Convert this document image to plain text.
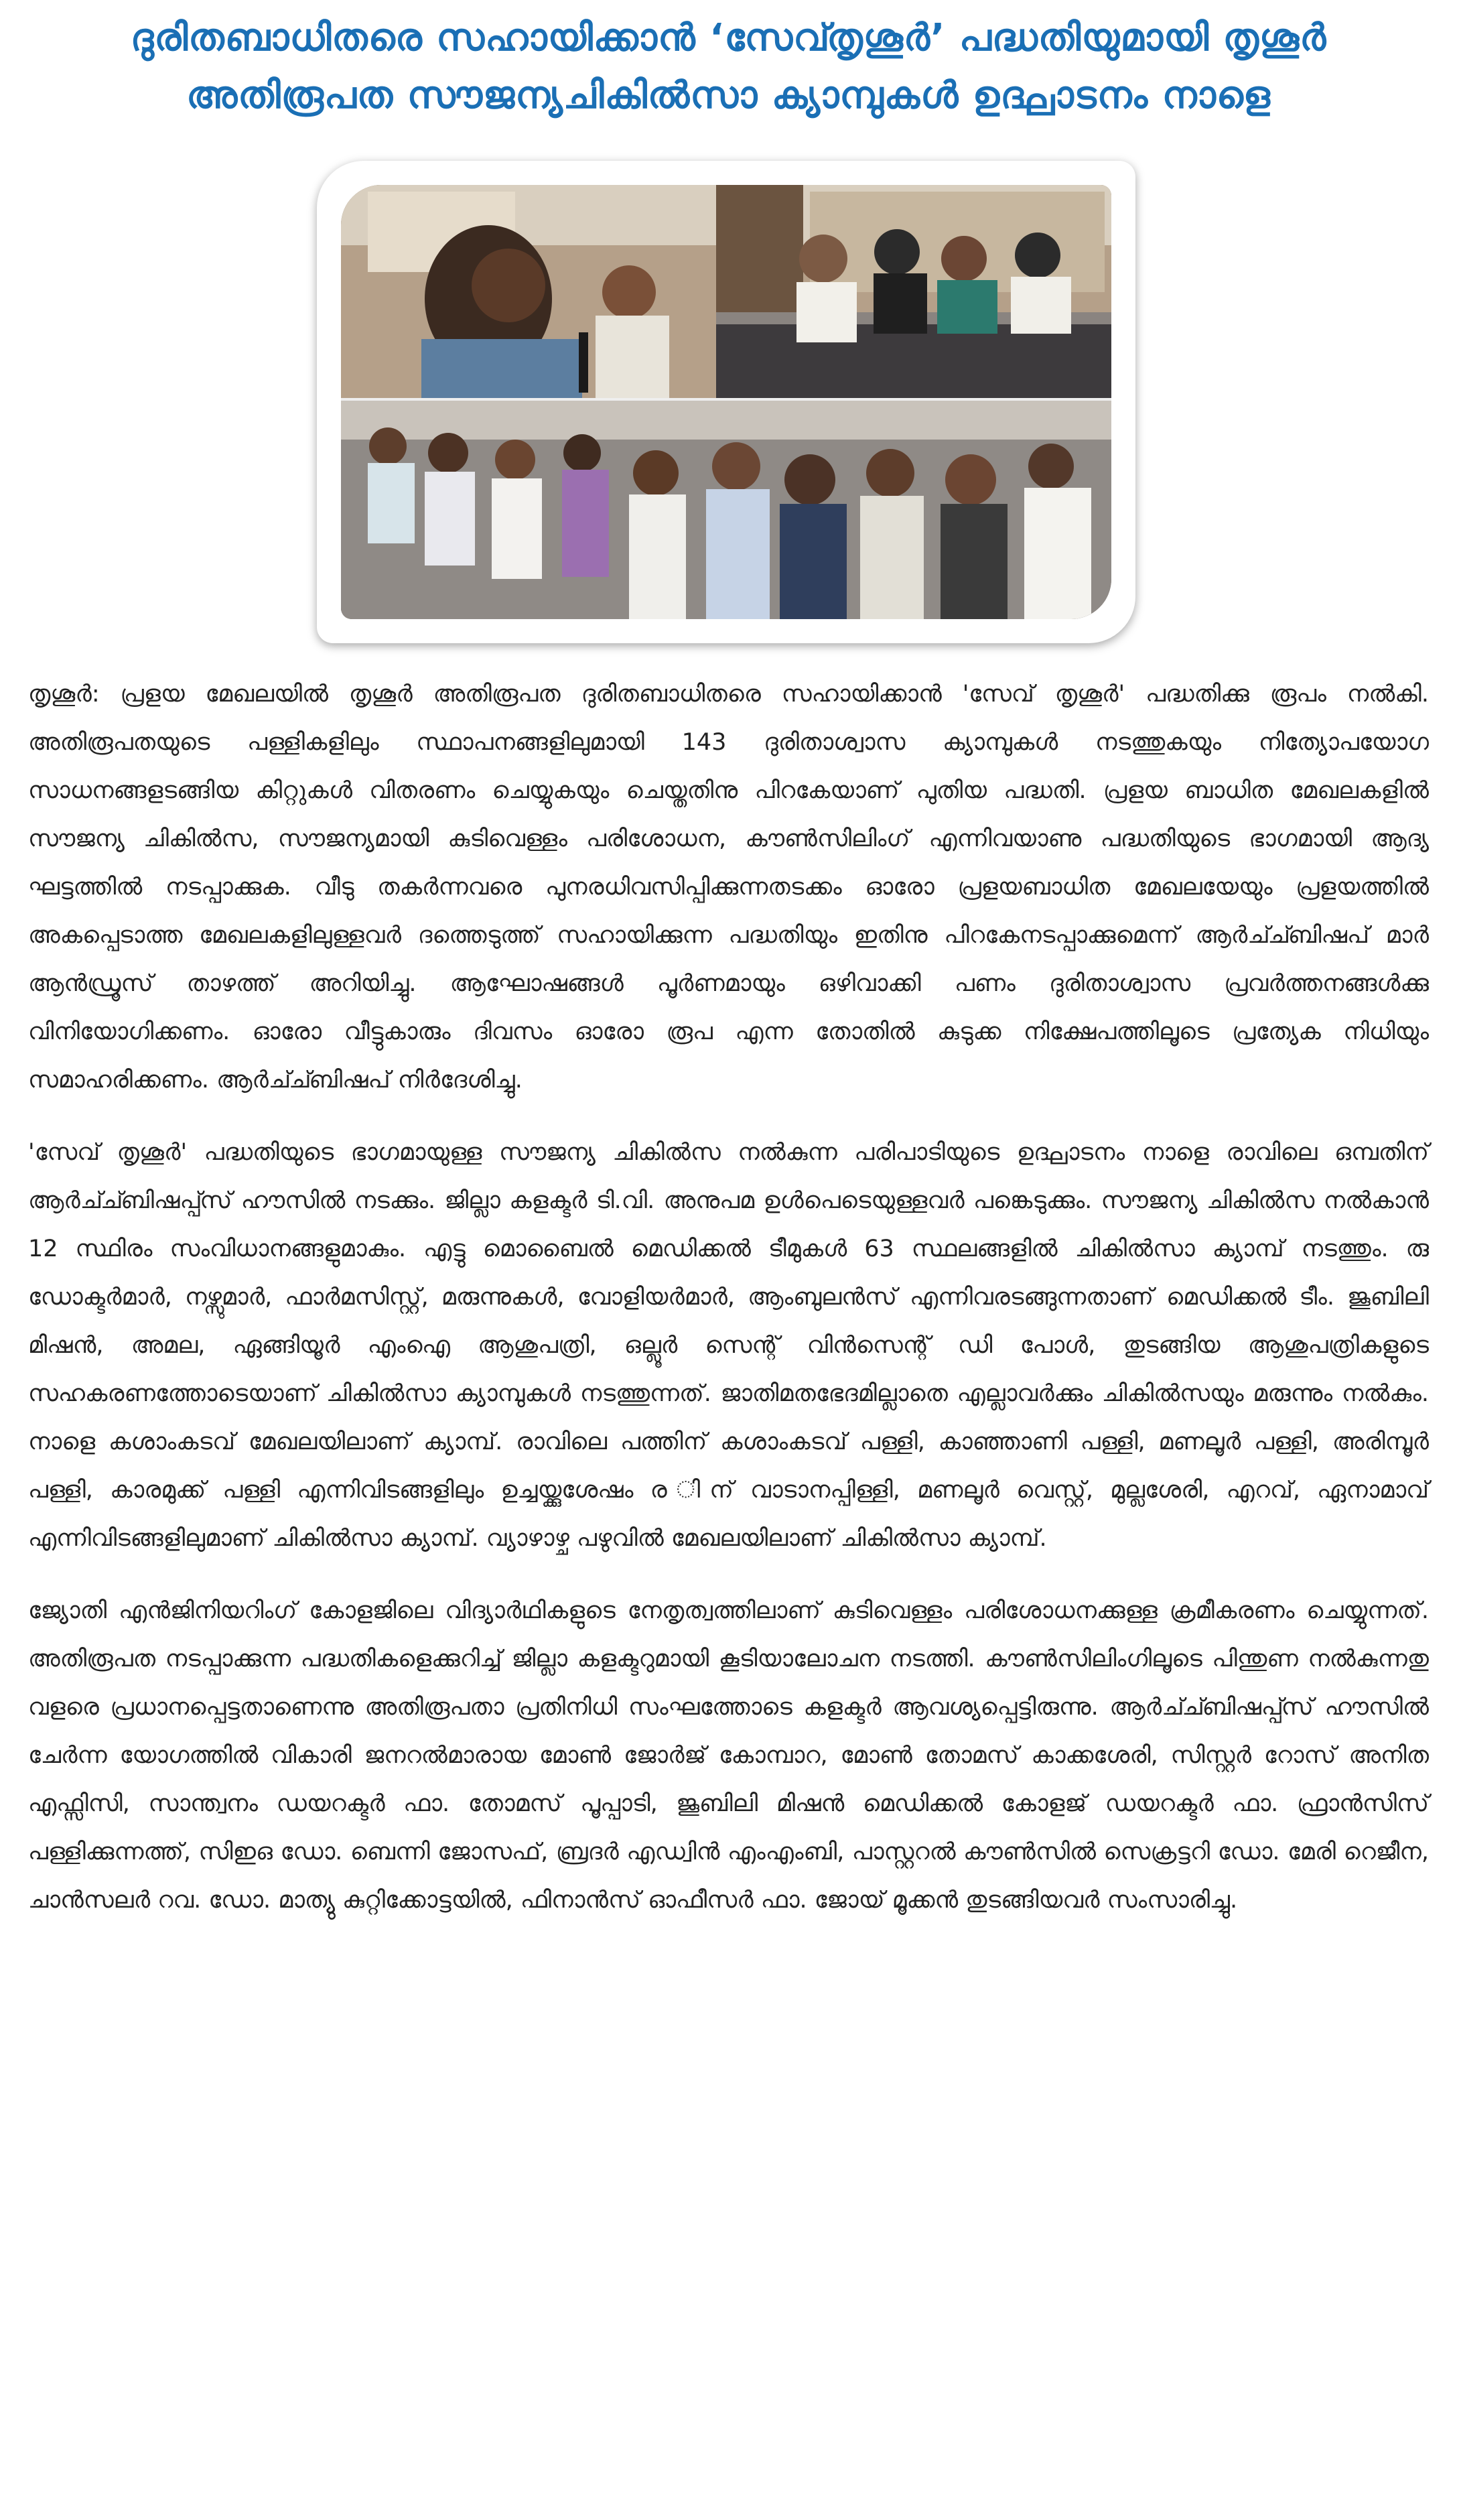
ദുരിതബാധിതരെ സഹായിക്കാന്‍ ‘സേവ്തൃശൂര്‍’ പദ്ധതിയുമായി തൃശൂര്‍
അതിരൂപത സൗജന്യചികില്‍സാ ക്യാമ്പുകള്‍ ഉദ്ഘാടനം നാളെ

തൃശൂര്‍: പ്രളയ മേഖലയില്‍ തൃശൂര്‍ അതിരൂപത ദുരിതബാധിതരെ സഹായിക്കാന്‍ 'സേവ് തൃശൂര്‍' പദ്ധതിക്കു രൂപം നല്‍കി. അതിരൂപതയുടെ പള്ളികളിലും സ്ഥാപനങ്ങളിലുമായി 143 ദുരിതാശ്വാസ ക്യാമ്പുകള്‍ നടത്തുകയും നിത്യോപയോഗ സാധനങ്ങളടങ്ങിയ കിറ്റുകള്‍ വിതരണം ചെയ്യുകയും ചെയ്തതിനു പിറകേയാണ് പുതിയ പദ്ധതി. പ്രളയ ബാധിത മേഖലകളില്‍ സൗജന്യ ചികില്‍സ, സൗജന്യമായി കുടിവെള്ളം പരിശോധന, കൗണ്‍സിലിംഗ് എന്നിവയാണു പദ്ധതിയുടെ ഭാഗമായി ആദ്യ ഘട്ടത്തില്‍ നടപ്പാക്കുക. വീടു തകര്‍ന്നവരെ പുനരധിവസിപ്പിക്കുന്നതടക്കം ഓരോ പ്രളയബാധിത മേഖലയേയും പ്രളയത്തില്‍ അകപ്പെടാത്ത മേഖലകളിലുള്ളവര്‍ ദത്തെടുത്ത് സഹായിക്കുന്ന പദ്ധതിയും ഇതിനു പിറകേനടപ്പാക്കുമെന്ന് ആര്‍ച്ച്ബിഷപ് മാര്‍ ആന്‍ഡ്രൂസ് താഴത്ത് അറിയിച്ചു. ആഘോഷങ്ങള്‍ പൂര്‍ണമായും ഒഴിവാക്കി പണം ദുരിതാശ്വാസ പ്രവര്‍ത്തനങ്ങള്‍ക്കു വിനിയോഗിക്കണം. ഓരോ വീട്ടുകാരും ദിവസം ഓരോ രൂപ എന്ന തോതില്‍ കുടുക്ക നിക്ഷേപത്തിലൂടെ പ്രത്യേക നിധിയും സമാഹരിക്കണം. ആര്‍ച്ച്ബിഷപ് നിര്‍ദേശിച്ചു.

'സേവ് തൃശൂര്‍' പദ്ധതിയുടെ ഭാഗമായുള്ള സൗജന്യ ചികില്‍സ നല്‍കുന്ന പരിപാടിയുടെ ഉദ്ഘാടനം നാളെ രാവിലെ ഒമ്പതിന് ആര്‍ച്ച്ബിഷപ്പ്സ് ഹൗസില്‍ നടക്കും. ജില്ലാ കളക്ടര്‍ ടി.വി. അനുപമ ഉള്‍പെടെയുള്ളവര്‍ പങ്കെടുക്കും. സൗജന്യ ചികില്‍സ നല്‍കാന്‍ 12 സ്ഥിരം സംവിധാനങ്ങളുമാകും. എട്ടു മൊബൈല്‍ മെഡിക്കല്‍ ടീമുകള്‍ 63 സ്ഥലങ്ങളില്‍ ചികില്‍സാ ക്യാമ്പ് നടത്തും. രു ഡോക്ടര്‍മാര്‍, നഴ്സുമാര്‍, ഫാര്‍മസിസ്റ്റ്, മരുന്നുകള്‍, വോളിയര്‍മാര്‍, ആംബുലന്‍സ് എന്നിവരടങ്ങുന്നതാണ് മെഡിക്കല്‍ ടീം. ജൂബിലി മിഷന്‍, അമല, ഏങ്ങിയൂര്‍ എംഐ ആശുപത്രി, ഒല്ലൂര്‍ സെന്റ് വിന്‍സെന്റ് ഡി പോള്‍, തുടങ്ങിയ ആശുപത്രികളുടെ സഹകരണത്തോടെയാണ് ചികില്‍സാ ക്യാമ്പുകള്‍ നടത്തുന്നത്. ജാതിമതഭേദമില്ലാതെ എല്ലാവര്‍ക്കും ചികില്‍സയും മരുന്നും നല്‍കും. നാളെ കശാംകടവ് മേഖലയിലാണ് ക്യാമ്പ്. രാവിലെ പത്തിന് കശാംകടവ് പള്ളി, കാഞ്ഞാണി പള്ളി, മണലൂര്‍ പള്ളി, അരിമ്പൂര്‍ പള്ളി, കാരമുക്ക് പള്ളി എന്നിവിടങ്ങളിലും ഉച്ചയ്ക്കുശേഷം ര ിന് വാടാനപ്പിള്ളി, മണലൂര്‍ വെസ്റ്റ്, മുല്ലശേരി, എറവ്, ഏനാമാവ് എന്നിവിടങ്ങളിലുമാണ് ചികില്‍സാ ക്യാമ്പ്. വ്യാഴാഴ്ച പഴുവില്‍ മേഖലയിലാണ് ചികില്‍സാ ക്യാമ്പ്.

ജ്യോതി എന്‍ജിനിയറിംഗ് കോളജിലെ വിദ്യാര്‍ഥികളുടെ നേതൃത്വത്തിലാണ് കുടിവെള്ളം പരിശോധനക്കുള്ള ക്രമീകരണം ചെയ്യുന്നത്. അതിരൂപത നടപ്പാക്കുന്ന പദ്ധതികളെക്കുറിച്ച് ജില്ലാ കളക്ടറുമായി കൂടിയാലോചന നടത്തി. കൗണ്‍സിലിംഗിലൂടെ പിന്തുണ നല്‍കുന്നതു വളരെ പ്രധാനപ്പെട്ടതാണെന്നു അതിരൂപതാ പ്രതിനിധി സംഘത്തോടെ കളക്ടര്‍ ആവശ്യപ്പെട്ടിരുന്നു. ആര്‍ച്ച്ബിഷപ്പ്സ് ഹൗസില്‍ ചേര്‍ന്ന യോഗത്തില്‍ വികാരി ജനറല്‍മാരായ മോണ്‍ ജോര്‍ജ് കോമ്പാറ, മോണ്‍ തോമസ് കാക്കശേരി, സിസ്റ്റര്‍ റോസ് അനിത എഫ്സിസി, സാന്ത്വനം ഡയറക്ടര്‍ ഫാ. തോമസ് പൂപ്പാടി, ജൂബിലി മിഷന്‍ മെഡിക്കല്‍ കോളജ് ഡയറക്ടര്‍ ഫാ. ഫ്രാന്‍സിസ് പള്ളിക്കുന്നത്ത്, സിഇഒ ഡോ. ബെന്നി ജോസഫ്, ബ്രദര്‍ എഡ്വിന്‍ എംഎംബി, പാസ്റ്ററല്‍ കൗണ്‍സില്‍ സെക്രട്ടറി ഡോ. മേരി റെജീന, ചാന്‍സലര്‍ റവ. ഡോ. മാത്യു കുറ്റിക്കോട്ടയില്‍, ഫിനാന്‍സ് ഓഫീസര്‍ ഫാ. ജോയ് മൂക്കന്‍ തുടങ്ങിയവര്‍ സംസാരിച്ചു.
